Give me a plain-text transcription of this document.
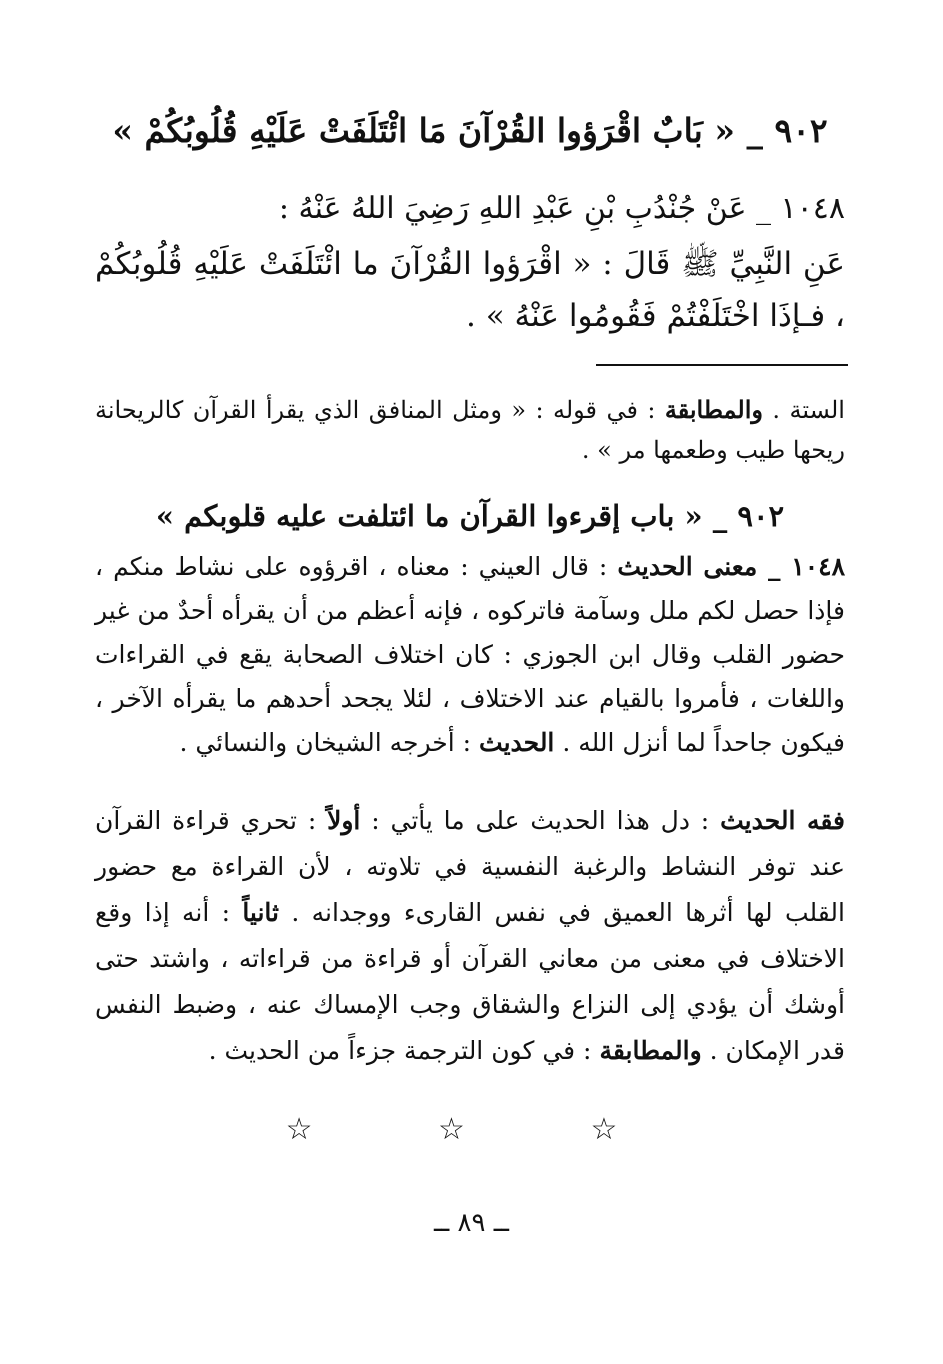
٩٠٢ _ « بَابٌ اقْرَؤوا القُرْآنَ مَا ائْتَلَفَتْ عَلَيْهِ قُلُوبُكُمْ »
١٠٤٨ _ عَنْ جُنْدُبِ بْنِ عَبْدِ اللهِ رَضِيَ اللهُ عَنْهُ :
عَنِ النَّبِيِّ ﷺ قَالَ : « اقْرَؤوا القُرْآنَ ما ائْتَلَفَتْ عَلَيْهِ قُلُوبُكُمْ ، فـإذَا اخْتَلَفْتُمْ فَقُومُوا عَنْهُ » .
الستة . والمطابقة : في قوله : « ومثل المنافق الذي يقرأ القرآن كالريحانة ريحها طيب وطعمها مر » .
٩٠٢ _ « باب إقرءوا القرآن ما ائتلفت عليه قلوبكم »
١٠٤٨ _ معنى الحديث : قال العيني : معناه ، اقرؤوه على نشاط منكم ، فإذا حصل لكم ملل وسآمة فاتركوه ، فإنه أعظم من أن يقرأه أحدٌ من غير حضور القلب وقال ابن الجوزي : كان اختلاف الصحابة يقع في القراءات واللغات ، فأمروا بالقيام عند الاختلاف ، لئلا يجحد أحدهم ما يقرأه الآخر ، فيكون جاحداً لما أنزل الله . الحديث : أخرجه الشيخان والنسائي .
فقه الحديث : دل هذا الحديث على ما يأتي : أولاً : تحري قراءة القرآن عند توفر النشاط والرغبة النفسية في تلاوته ، لأن القراءة مع حضور القلب لها أثرها العميق في نفس القارىء ووجدانه . ثانياً : أنه إذا وقع الاختلاف في معنى من معاني القرآن أو قراءة من قراءاته ، واشتد حتى أوشك أن يؤدي إلى النزاع والشقاق وجب الإمساك عنه ، وضبط النفس قدر الإمكان . والمطابقة : في كون الترجمة جزءاً من الحديث .
☆	☆	☆
ــ ٨٩ ــ
